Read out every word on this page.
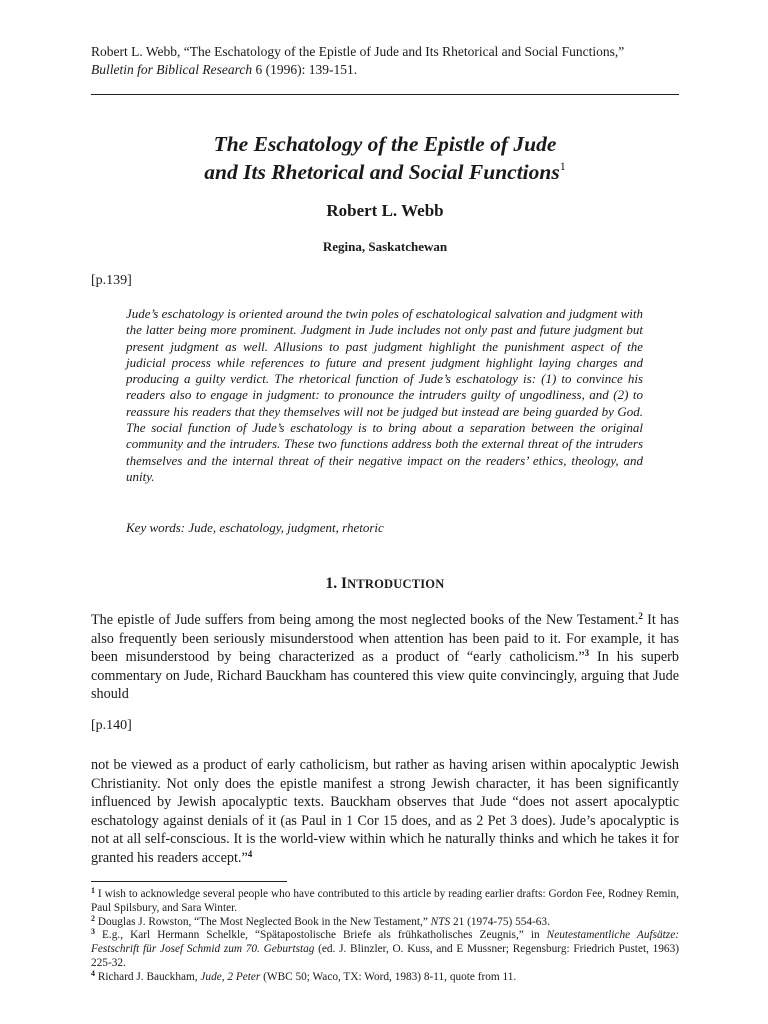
Robert L. Webb, “The Eschatology of the Epistle of Jude and Its Rhetorical and Social Functions,”
Bulletin for Biblical Research 6 (1996): 139-151.
The Eschatology of the Epistle of Jude
and Its Rhetorical and Social Functions$^1$
Robert L. Webb
Regina, Saskatchewan
[p.139]
Jude’s eschatology is oriented around the twin poles of eschatological salvation and judgment with the latter being more prominent. Judgment in Jude includes not only past and future judgment but present judgment as well. Allusions to past judgment highlight the punishment aspect of the judicial process while references to future and present judgment highlight laying charges and producing a guilty verdict. The rhetorical function of Jude’s eschatology is: (1) to convince his readers also to engage in judgment: to pronounce the intruders guilty of ungodliness, and (2) to reassure his readers that they themselves will not be judged but instead are being guarded by God. The social function of Jude’s eschatology is to bring about a separation between the original community and the intruders. These two functions address both the external threat of the intruders themselves and the internal threat of their negative impact on the readers’ ethics, theology, and unity.
Key words: Jude, eschatology, judgment, rhetoric
1. INTRODUCTION
The epistle of Jude suffers from being among the most neglected books of the New Testament.$^2$ It has also frequently been seriously misunderstood when attention has been paid to it. For example, it has been misunderstood by being characterized as a product of “early catholicism.”$^3$ In his superb commentary on Jude, Richard Bauckham has countered this view quite convincingly, arguing that Jude should
[p.140]
not be viewed as a product of early catholicism, but rather as having arisen within apocalyptic Jewish Christianity. Not only does the epistle manifest a strong Jewish character, it has been significantly influenced by Jewish apocalyptic texts. Bauckham observes that Jude “does not assert apocalyptic eschatology against denials of it (as Paul in 1 Cor 15 does, and as 2 Pet 3 does). Jude’s apocalyptic is not at all self-conscious. It is the world-view within which he naturally thinks and which he takes it for granted his readers accept.”$^4$

$^1$ I wish to acknowledge several people who have contributed to this article by reading earlier drafts: Gordon Fee, Rodney Remin, Paul Spilsbury, and Sara Winter.

$^2$ Douglas J. Rowston, “The Most Neglected Book in the New Testament,” NTS 21 (1974-75) 554-63.

$^3$ E.g., Karl Hermann Schelkle, “Spätapostolische Briefe als frühkatholisches Zeugnis,” in Neutestamentliche Aufsätze: Festschrift für Josef Schmid zum 70. Geburtstag (ed. J. Blinzler, O. Kuss, and E Mussner; Regensburg: Friedrich Pustet, 1963) 225-32.

$^4$ Richard J. Bauckham, Jude, 2 Peter (WBC 50; Waco, TX: Word, 1983) 8-11, quote from 11.
